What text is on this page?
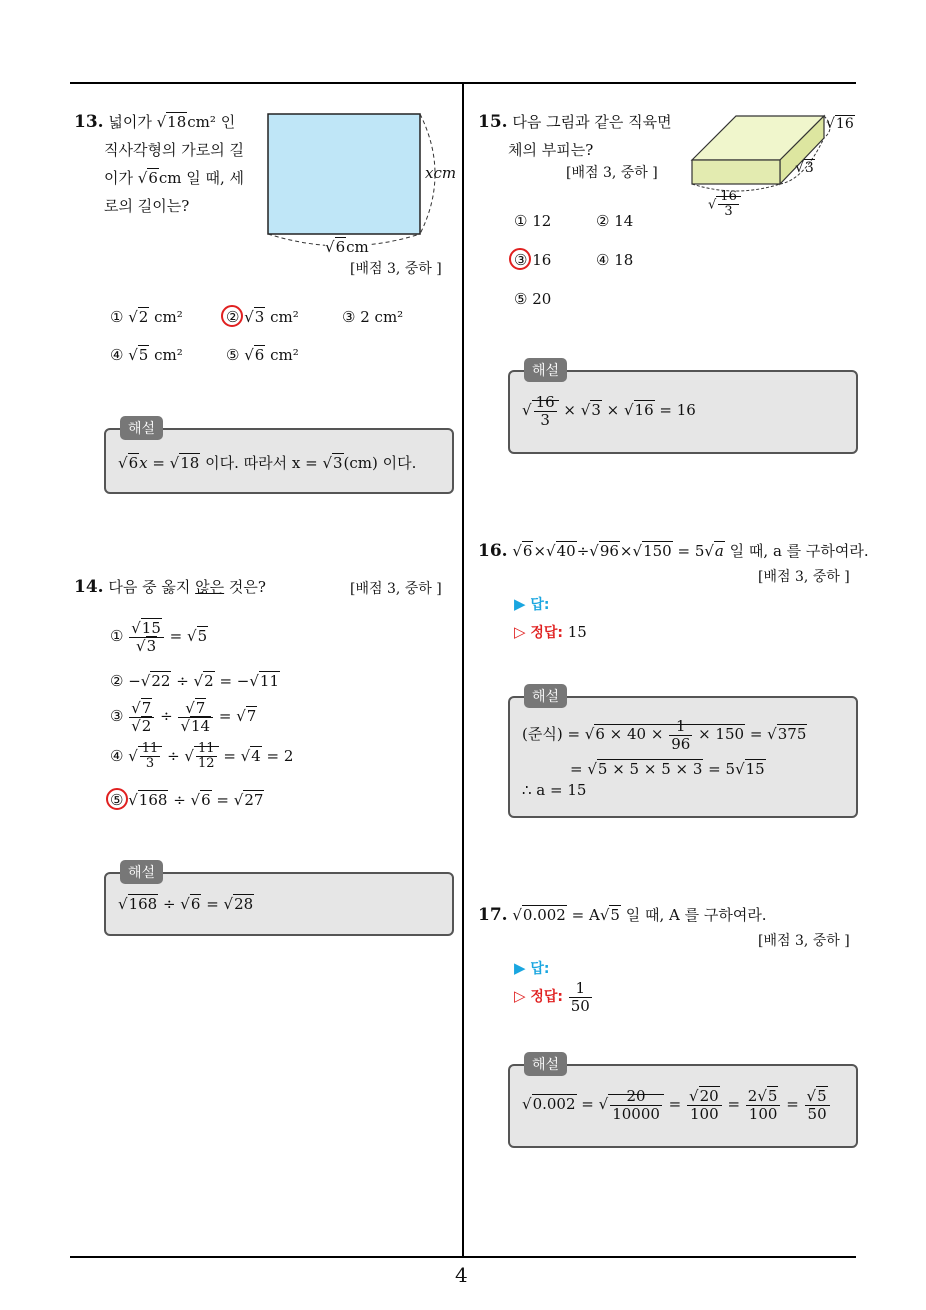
4
13. 넓이가 √18cm² 인
직사각형의 가로의 길
이가 √6cm 일 때, 세
로의 길이는?
xcm
√6cm
[배점 3, 중하 ]
① √2 cm²	② √3 cm²	③ 2 cm²
④ √5 cm²	⑤ √6 cm²
해설
√6x = √18 이다. 따라서 x = √3(cm) 이다.
14. 다음 중 옳지 않은 것은?	[배점 3, 중하 ]
① $\frac{√15}{√3} = √5$
② −√22 ÷ √2 = −√11
③ $\frac{√7}{√2} \div \frac{√7}{√14} = √7$
④ √ $\frac{11}{3}$ ÷ √ $\frac{11}{12} = √4 = 2$
⑤ √168 ÷ √6 = √27
해설
√168 ÷ √6 = √28
15. 다음 그림과 같은 직육면
체의 부피는?
[배점 3, 중하 ]
√16
√3
√ $\frac{16}{3}$
① 12	② 14
③ 16	④ 18
⑤ 20
해설
√ $\frac{16}{3} \times √3 \times √16 = 16$
16. √6×√40÷√96×√150 = 5√a 일 때, a 를 구하여라.
[배점 3, 중하 ]
▶ 답:
▷ 정답: 15
해설
(준식) = $√6 \times 40 \times \frac{1}{96} \times 150 = √375$
= √5 × 5 × 5 × 3 = 5√15
∴ a = 15
17. √0.002 = A√5 일 때, A 를 구하여라.
[배점 3, 중하 ]
▶ 답:
▷ 정답: $\frac{1}{50}$
해설
√0.002 = √ $\frac{20}{10000} = \frac{√20}{100} = \frac{2√5}{100} = \frac{√5}{50}$
